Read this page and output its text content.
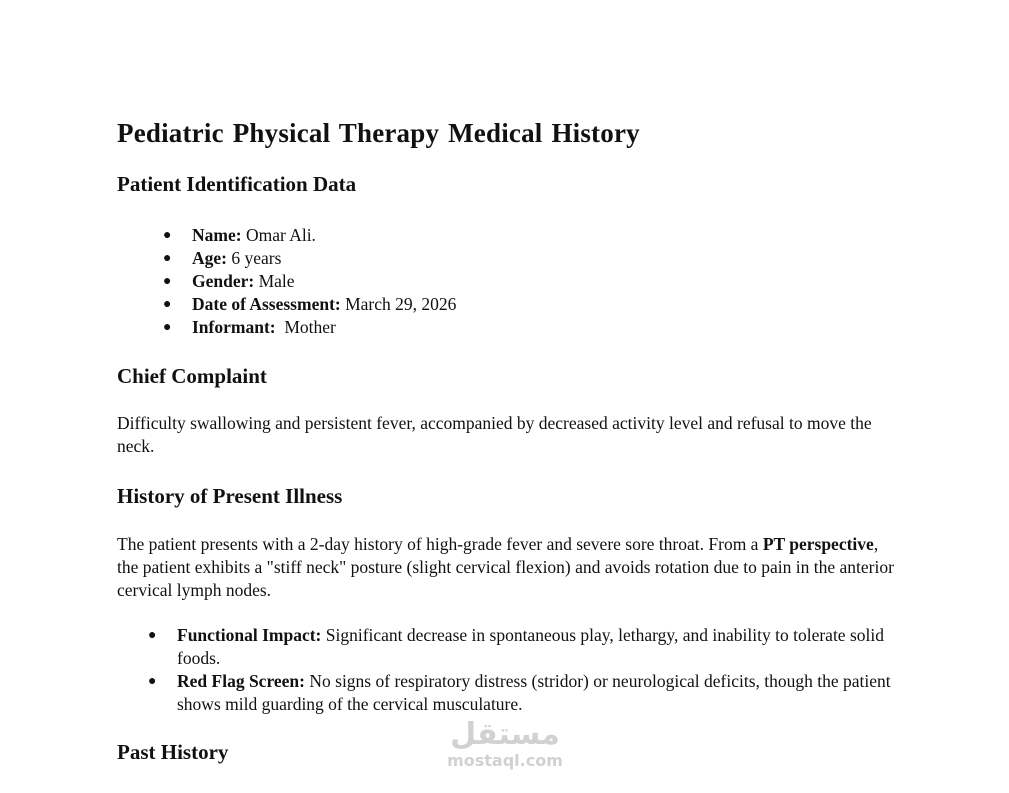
Pediatric Physical Therapy Medical History
Patient Identification Data
● Name: Omar Ali.
● Age: 6 years
● Gender: Male
● Date of Assessment: March 29, 2026
● Informant:  Mother
Chief Complaint

Difficulty swallowing and persistent fever, accompanied by decreased activity level and refusal to move the neck.

History of Present Illness

The patient presents with a 2-day history of high-grade fever and severe sore throat. From a PT perspective, the patient exhibits a "stiff neck" posture (slight cervical flexion) and avoids rotation due to pain in the anterior cervical lymph nodes.

● Functional Impact: Significant decrease in spontaneous play, lethargy, and inability to tolerate solid foods.
● Red Flag Screen: No signs of respiratory distress (stridor) or neurological deficits, though the patient shows mild guarding of the cervical musculature.
Past History	مستقل
mostaql.com
